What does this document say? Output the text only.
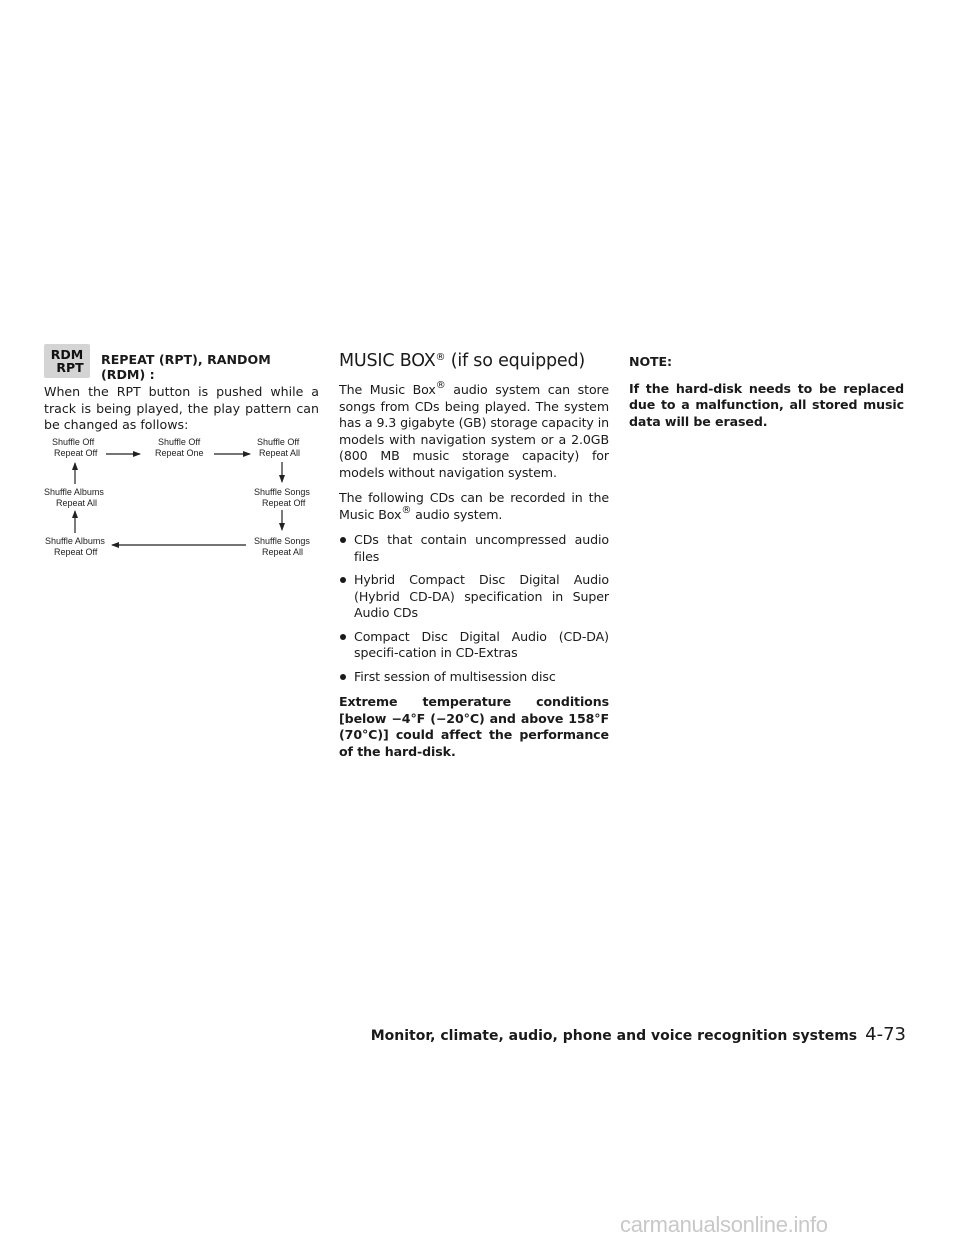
RDM
RPT
REPEAT (RPT), RANDOM (RDM) :

When the RPT button is pushed while a track is being played, the play pattern can be changed as follows:

Shuffle Off
Repeat Off
Shuffle Off
Repeat One
Shuffle Off
Repeat All
Shuffle Songs
Repeat Off
Shuffle Songs
Repeat All
Shuffle Albums
Repeat Off
Shuffle Albums
Repeat All
MUSIC BOX® (if so equipped)

The Music Box® audio system can store songs from CDs being played. The system has a 9.3 gigabyte (GB) storage capacity in models with navigation system or a 2.0GB (800 MB music storage capacity) for models without navigation system.

The following CDs can be recorded in the Music Box® audio system.

CDs that contain uncompressed audio files
Hybrid Compact Disc Digital Audio (Hybrid CD-DA) specification in Super Audio CDs
Compact Disc Digital Audio (CD-DA) specifi-cation in CD-Extras
First session of multisession disc

Extreme temperature conditions [below −4°F (−20°C) and above 158°F (70°C)] could affect the performance of the hard-disk.

NOTE:

If the hard-disk needs to be replaced due to a malfunction, all stored music data will be erased.

Monitor, climate, audio, phone and voice recognition systems 4-73
carmanualsonline.info
